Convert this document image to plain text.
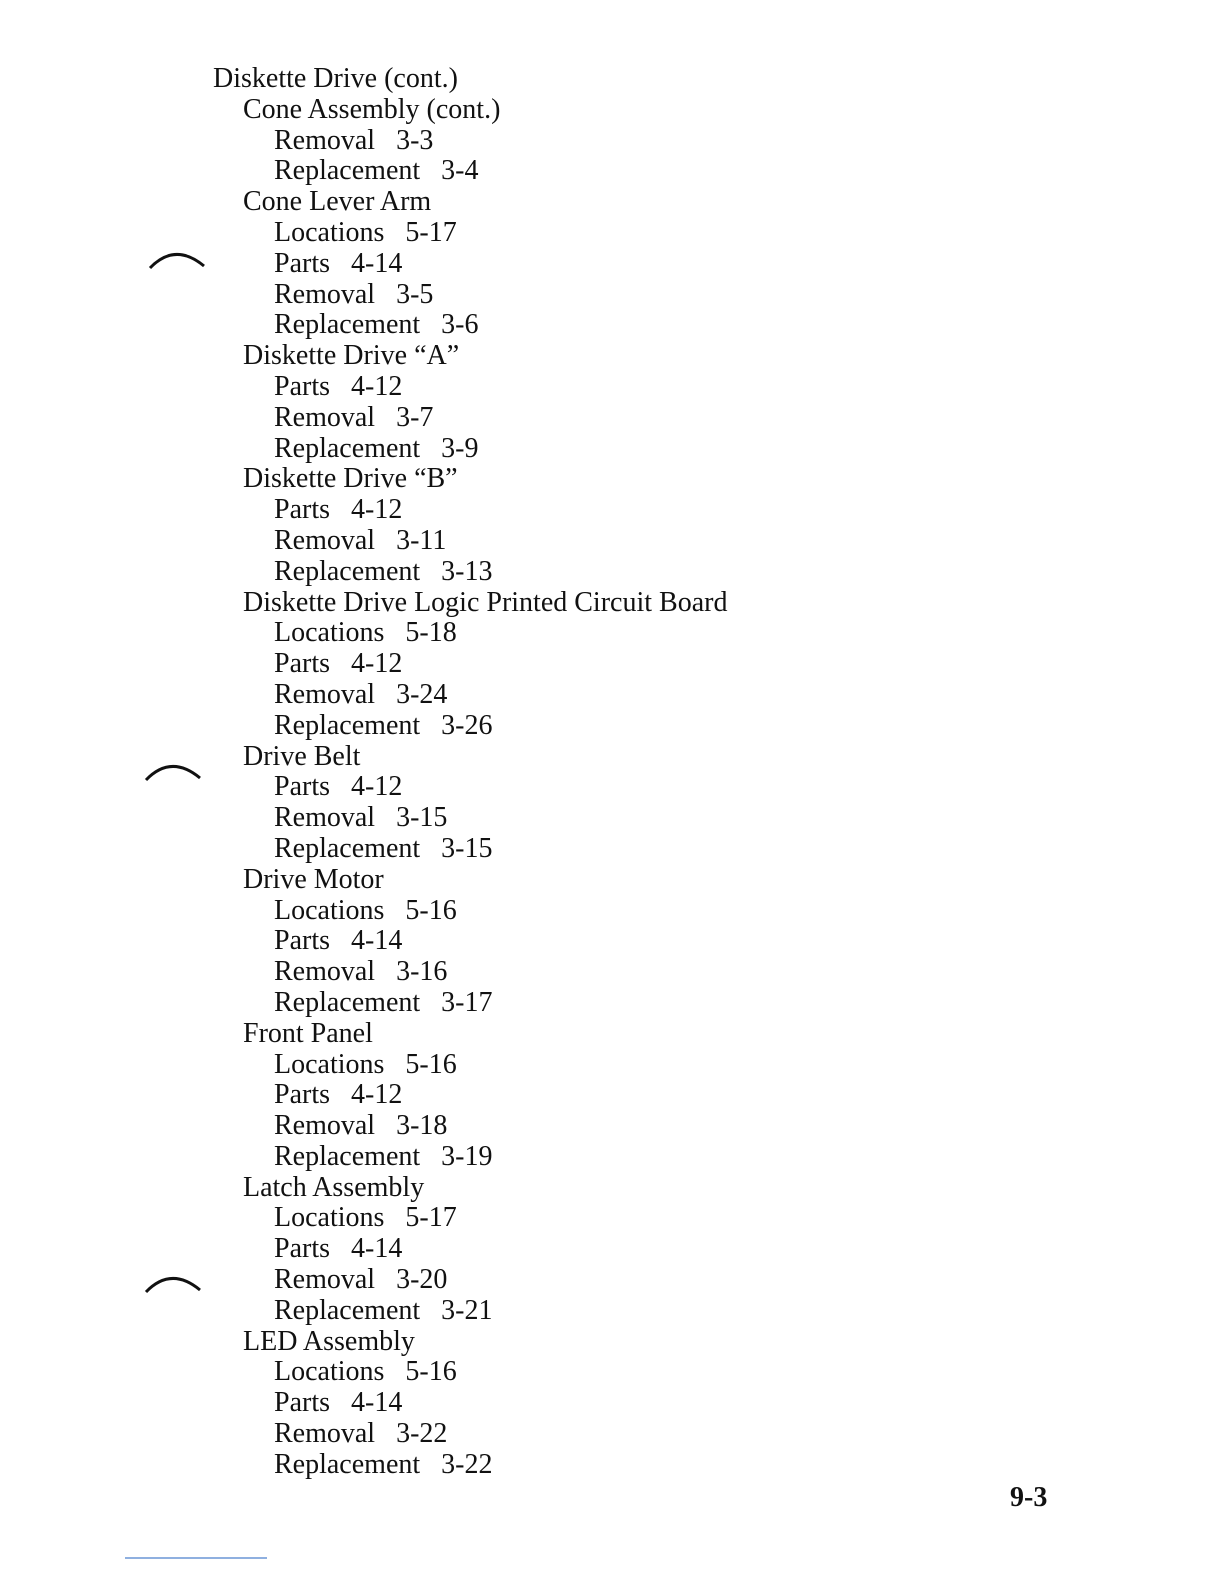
Diskette Drive (cont.)
Cone Assembly (cont.)
Removal 3-3
Replacement 3-4
Cone Lever Arm
Locations 5-17
Parts 4-14
Removal 3-5
Replacement 3-6
Diskette Drive “A”
Parts 4-12
Removal 3-7
Replacement 3-9
Diskette Drive “B”
Parts 4-12
Removal 3-11
Replacement 3-13
Diskette Drive Logic Printed Circuit Board
Locations 5-18
Parts 4-12
Removal 3-24
Replacement 3-26
Drive Belt
Parts 4-12
Removal 3-15
Replacement 3-15
Drive Motor
Locations 5-16
Parts 4-14
Removal 3-16
Replacement 3-17
Front Panel
Locations 5-16
Parts 4-12
Removal 3-18
Replacement 3-19
Latch Assembly
Locations 5-17
Parts 4-14
Removal 3-20
Replacement 3-21
LED Assembly
Locations 5-16
Parts 4-14
Removal 3-22
Replacement 3-22
9-3
